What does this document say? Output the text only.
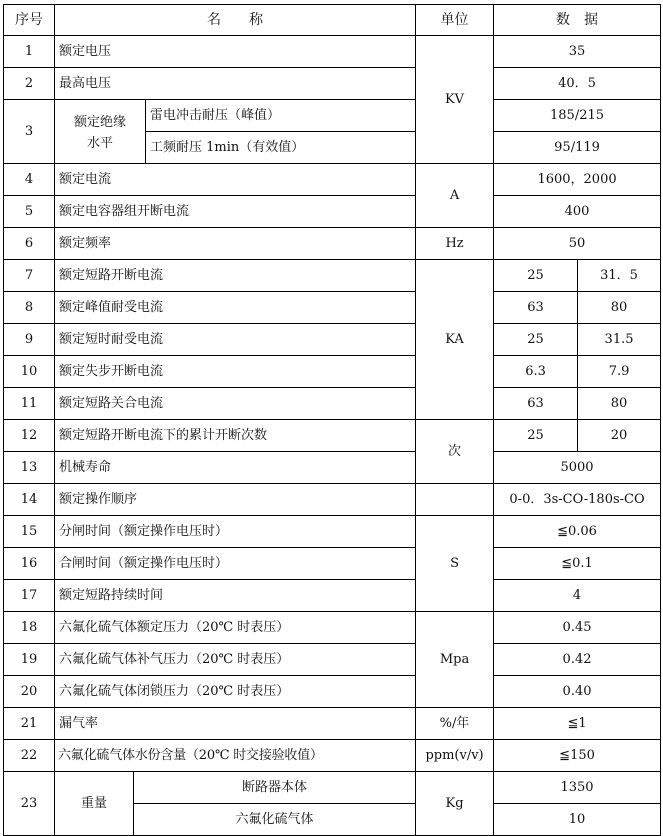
序号	名　　称			单位	数　据	
1	额定电压			KV	35	
2	最高电压				40．5	
3	额定绝缘		雷电冲击耐压（峰值）		185/215	
	水平		工频耐压 1min（有效值）		95/119	
4	额定电流			A	1600，2000	
5	额定电容器组开断电流				400	
6	额定频率			Hz	50	
7	额定短路开断电流			KA	25	31．5
8	额定峰值耐受电流				63	80
9	额定短时耐受电流				25	31.5
10	额定失步开断电流				6.3	7.9
11	额定短路关合电流				63	80
12	额定短路开断电流下的累计开断次数			次	25	20
13	机械寿命				5000	
14	额定操作顺序				0-0．3s-CO-180s-CO	
15	分闸时间（额定操作电压时）			S	≦0.06	
16	合闸时间（额定操作电压时）				≦0.1	
17	额定短路持续时间				4	
18	六氟化硫气体额定压力（20℃ 时表压）			Mpa	0.45	
19	六氟化硫气体补气压力（20℃ 时表压）				0.42	
20	六氟化硫气体闭锁压力（20℃ 时表压）				0.40	
21	漏气率			%/年	≦1	
22	六氟化硫气体水份含量（20℃ 时交接验收值）			ppm(v/v)	≦150	
23	重量	断路器本体		Kg	1350	
		六氟化硫气体			10	
